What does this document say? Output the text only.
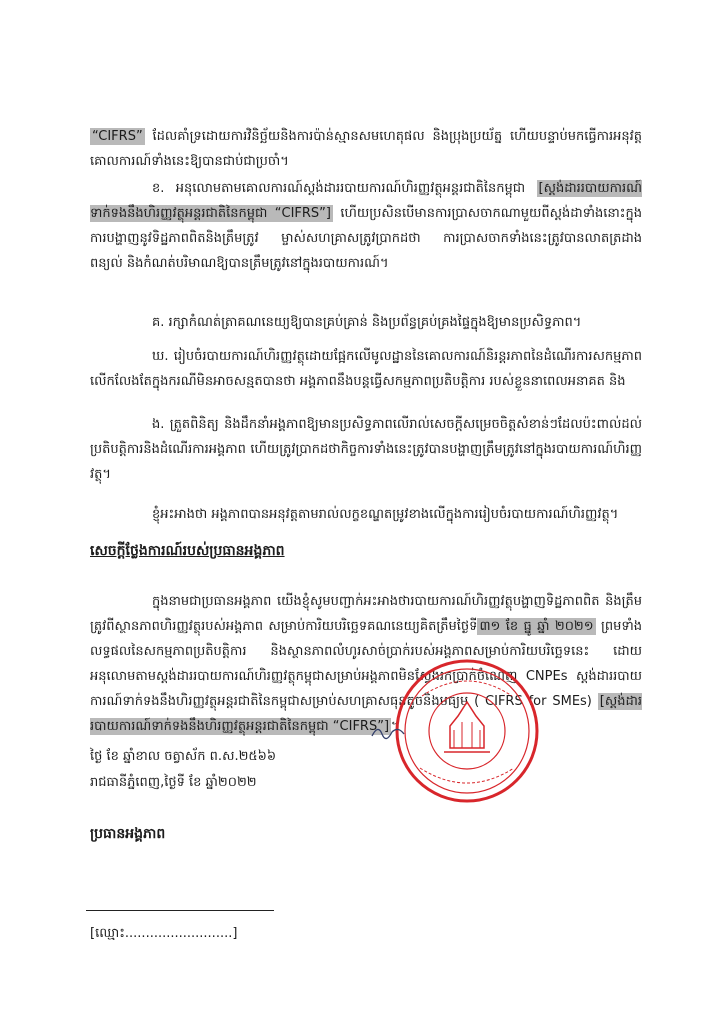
“CIFRS” ដែលគាំទ្រដោយការវិនិច្ឆ័យនិងការប៉ាន់ស្មានសមហេតុផល និងប្រុងប្រយ័ត្ន ហើយបន្ទាប់មកធ្វើការអនុវត្តគោលការណ៍ទាំងនេះឱ្យបានជាប់ជាប្រចាំ។

ខ. អនុលោមតាមគោលការណ៍ស្តង់ដាររបាយការណ៍ហិរញ្ញវត្ថុអន្តរជាតិនៃកម្ពុជា [ស្តង់ដាររបាយការណ៍ទាក់ទងនឹងហិរញ្ញវត្ថុអន្តរជាតិនៃកម្ពុជា “CIFRS”] ហើយប្រសិនបើមានការប្រាសចាកណាមួយពីស្តង់ដាទាំងនោះក្នុងការបង្ហាញនូវទិដ្ឋភាពពិតនិងត្រឹមត្រូវ ម្ចាស់សហគ្រាសត្រូវប្រាកដថា ការប្រាសចាកទាំងនេះត្រូវបានលាតត្រដាង ពន្យល់ និងកំណត់បរិមាណឱ្យបានត្រឹមត្រូវនៅក្នុងរបាយការណ៍។

គ. រក្សាកំណត់ត្រាគណនេយ្យឱ្យបានគ្រប់គ្រាន់ និងប្រព័ន្ធគ្រប់គ្រងផ្ទៃក្នុងឱ្យមានប្រសិទ្ធភាព។

ឃ. រៀបចំរបាយការណ៍ហិរញ្ញវត្ថុដោយផ្អែកលើមូលដ្ឋាននៃគោលការណ៍និរន្តរភាពនៃដំណើរការសកម្មភាព លើកលែងតែក្នុងករណីមិនអាចសន្មតបានថា អង្គភាពនឹងបន្តធ្វើសកម្មភាពប្រតិបត្តិការ របស់ខ្លួននាពេលអនាគត និង

ង. ត្រួតពិនិត្យ និងដឹកនាំអង្គភាពឱ្យមានប្រសិទ្ធភាពលើរាល់សេចក្តីសម្រេចចិត្តសំខាន់ៗដែលប៉ះពាល់ដល់ប្រតិបត្តិការនិងដំណើរការអង្គភាព ហើយត្រូវប្រាកដថាកិច្ចការទាំងនេះត្រូវបានបង្ហាញត្រឹមត្រូវនៅក្នុងរបាយការណ៍ហិរញ្ញវត្ថុ។

ខ្ញុំអះអាងថា អង្គភាពបានអនុវត្តតាមរាល់លក្ខខណ្ឌតម្រូវខាងលើក្នុងការរៀបចំរបាយការណ៍ហិរញ្ញវត្ថុ។

សេចក្តីថ្លែងការណ៍របស់ប្រធានអង្គភាព

ក្នុងនាមជាប្រធានអង្គភាព យើងខ្ញុំសូមបញ្ជាក់អះអាងថារបាយការណ៍ហិរញ្ញវត្ថុបង្ហាញទិដ្ឋភាពពិត និងត្រឹមត្រូវពីស្ថានភាពហិរញ្ញវត្ថុរបស់អង្គភាព សម្រាប់ការិយបរិច្ឆេទគណនេយ្យគិតត្រឹមថ្ងៃទី ៣១ ខែ ធ្នូ ឆ្នាំ ២០២១ ព្រមទាំងលទ្ធផលនៃសកម្មភាពប្រតិបត្តិការ និងស្ថានភាពលំហូរសាច់ប្រាក់របស់អង្គភាពសម្រាប់ការិយបរិច្ឆេទនេះ ដោយអនុលោមតាមស្តង់ដាររបាយការណ៍ហិរញ្ញវត្ថុកម្ពុជាសម្រាប់អង្គភាពមិនស្វែងរកប្រាក់ចំណេញ CNPEs ស្តង់ដាររបាយការណ៍ទាក់ទងនឹងហិរញ្ញវត្ថុអន្តរជាតិនៃកម្ពុជាសម្រាប់សហគ្រាសធុនតូចនិងមធ្យម ( CIFRS for SMEs) [ស្តង់ដាររបាយការណ៍ទាក់ទងនឹងហិរញ្ញវត្ថុអន្តរជាតិនៃកម្ពុជា “CIFRS”] ។

ថ្ងៃ ខែ ឆ្នាំខាល ចត្វាស័ក ព.ស.២៥៦៦

រាជធានីភ្នំពេញ,ថ្ងៃទី ខែ ឆ្នាំ២០២២

ប្រធានអង្គភាព

[ឈ្មោះ..........................]
